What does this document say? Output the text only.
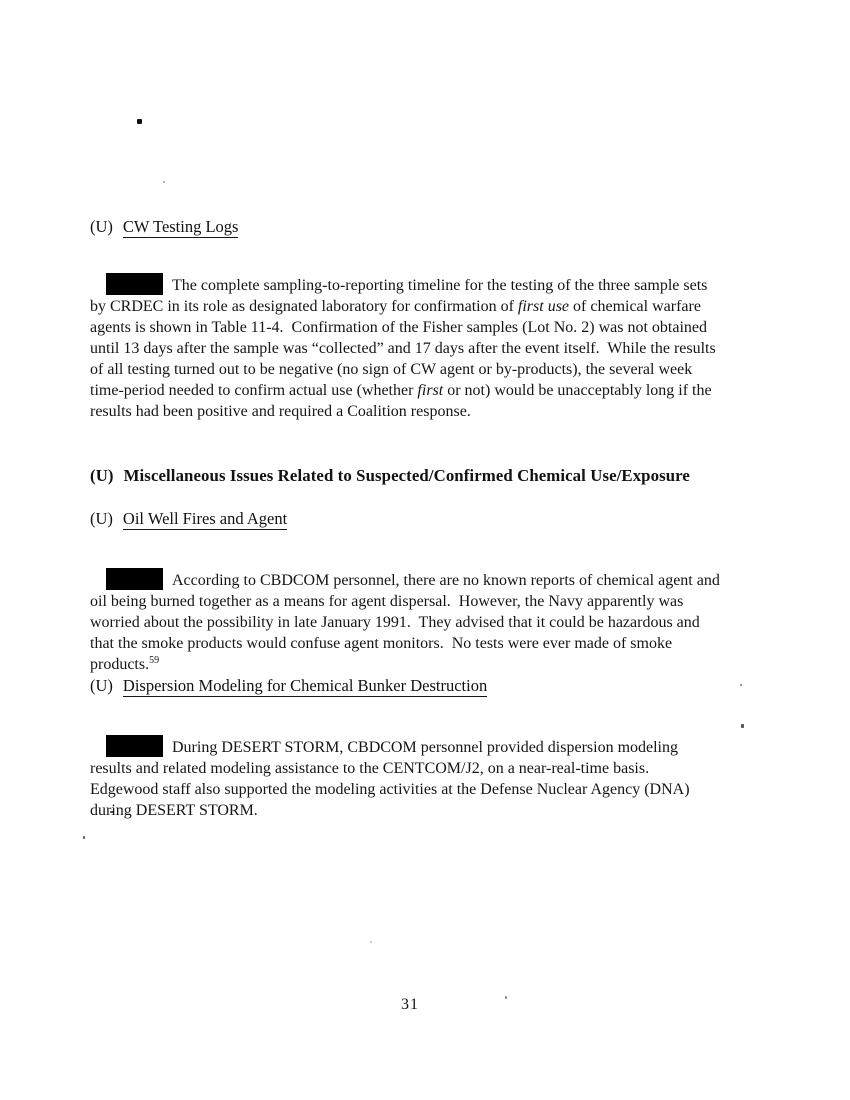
(U) CW Testing Logs

The complete sampling-to-reporting timeline for the testing of the three sample sets by CRDEC in its role as designated laboratory for confirmation of first use of chemical warfare agents is shown in Table 11-4.  Confirmation of the Fisher samples (Lot No. 2) was not obtained until 13 days after the sample was “collected” and 17 days after the event itself.  While the results of all testing turned out to be negative (no sign of CW agent or by-products), the several week time-period needed to confirm actual use (whether first or not) would be unacceptably long if the results had been positive and required a Coalition response.

(U) Miscellaneous Issues Related to Suspected/Confirmed Chemical Use/Exposure
(U) Oil Well Fires and Agent

According to CBDCOM personnel, there are no known reports of chemical agent and oil being burned together as a means for agent dispersal.  However, the Navy apparently was worried about the possibility in late January 1991.  They advised that it could be hazardous and that the smoke products would confuse agent monitors.  No tests were ever made of smoke products.$^{59}$

(U) Dispersion Modeling for Chemical Bunker Destruction

During DESERT STORM, CBDCOM personnel provided dispersion modeling results and related modeling assistance to the CENTCOM/J2, on a near-real-time basis.  Edgewood staff also supported the modeling activities at the Defense Nuclear Agency (DNA) during DESERT STORM.

31
